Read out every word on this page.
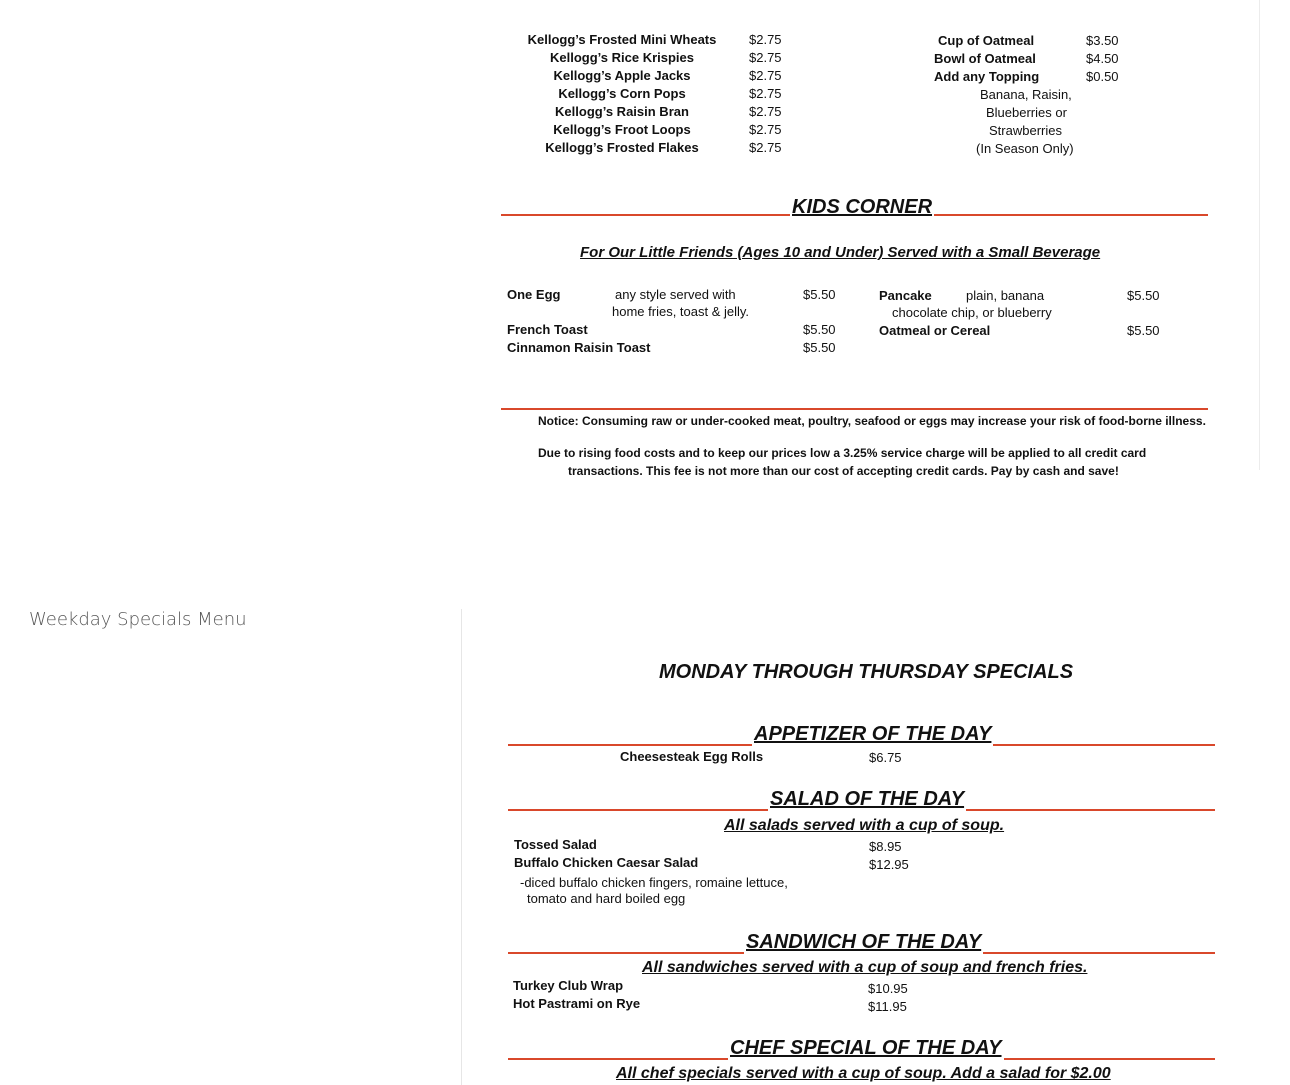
Kellogg’s Frosted Mini Wheats	$2.75
Kellogg’s Rice Krispies	$2.75
Kellogg’s Apple Jacks	$2.75
Kellogg’s Corn Pops	$2.75
Kellogg’s Raisin Bran	$2.75
Kellogg’s Froot Loops	$2.75
Kellogg’s Frosted Flakes	$2.75
Cup of Oatmeal	$3.50
Bowl of Oatmeal	$4.50
Add any Topping	$0.50
Banana, Raisin,
Blueberries or
Strawberries
(In Season Only)
KIDS CORNER
For Our Little Friends (Ages 10 and Under) Served with a Small Beverage
One Egg	any style served with
home fries, toast & jelly.
$5.50
French Toast	$5.50
Cinnamon Raisin Toast	$5.50
Pancake	plain, banana
chocolate chip, or blueberry
$5.50
Oatmeal or Cereal	$5.50
Notice: Consuming raw or under-cooked meat, poultry, seafood or eggs may increase your risk of food-borne illness.
Due to rising food costs and to keep our prices low a 3.25% service charge will be applied to all credit card
transactions. This fee is not more than our cost of accepting credit cards. Pay by cash and save!
Weekday Specials Menu
MONDAY THROUGH THURSDAY SPECIALS
APPETIZER OF THE DAY
Cheesesteak Egg Rolls	$6.75
SALAD OF THE DAY
All salads served with a cup of soup.
Tossed Salad	$8.95
Buffalo Chicken Caesar Salad	$12.95
-diced buffalo chicken fingers, romaine lettuce,
tomato and hard boiled egg
SANDWICH OF THE DAY
All sandwiches served with a cup of soup and french fries.
Turkey Club Wrap	$10.95
Hot Pastrami on Rye	$11.95
CHEF SPECIAL OF THE DAY
All chef specials served with a cup of soup. Add a salad for $2.00
